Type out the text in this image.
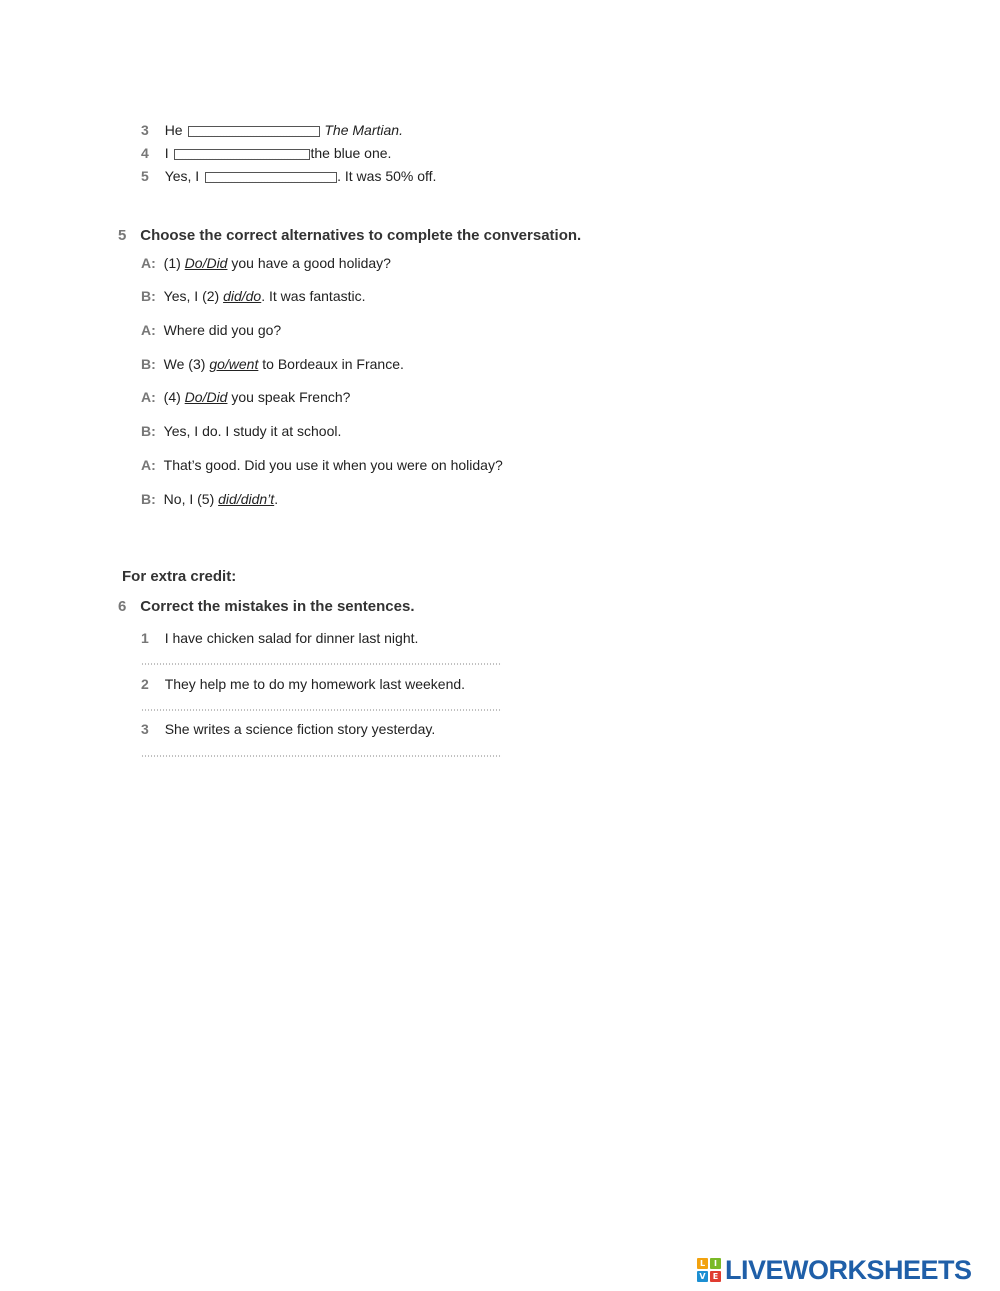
3 He	The Martian.
4 I	the blue one.
5 Yes, I	. It was 50% off.
5 Choose the correct alternatives to complete the conversation.
A: (1) Do/Did you have a good holiday?
B: Yes, I (2) did/do. It was fantastic.
A: Where did you go?
B: We (3) go/went to Bordeaux in France.
A: (4) Do/Did you speak French?
B: Yes, I do. I study it at school.
A: That’s good. Did you use it when you were on holiday?
B: No, I (5) did/didn’t.
For extra credit:
6 Correct the mistakes in the sentences.
1 I have chicken salad for dinner last night.
2 They help me to do my homework last weekend.
3 She writes a science fiction story yesterday.
L	I
V E LIVEWORKSHEETS
